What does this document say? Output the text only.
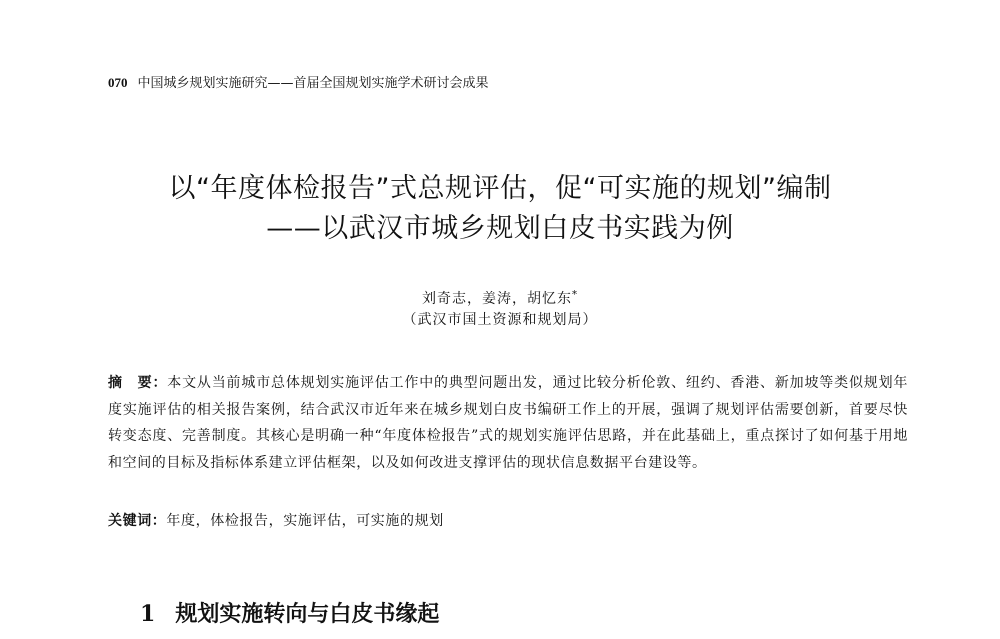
070 中国城乡规划实施研究——首届全国规划实施学术研讨会成果
以“年度体检报告”式总规评估，促“可实施的规划”编制
——以武汉市城乡规划白皮书实践为例
刘奇志，姜涛，胡忆东*
（武汉市国土资源和规划局）
摘　要：本文从当前城市总体规划实施评估工作中的典型问题出发，通过比较分析伦敦、纽约、香港、新加坡等类似规划年度实施评估的相关报告案例，结合武汉市近年来在城乡规划白皮书编研工作上的开展，强调了规划评估需要创新，首要尽快转变态度、完善制度。其核心是明确一种“年度体检报告”式的规划实施评估思路，并在此基础上，重点探讨了如何基于用地和空间的目标及指标体系建立评估框架，以及如何改进支撑评估的现状信息数据平台建设等。
关键词：年度，体检报告，实施评估，可实施的规划
1 规划实施转向与白皮书缘起
